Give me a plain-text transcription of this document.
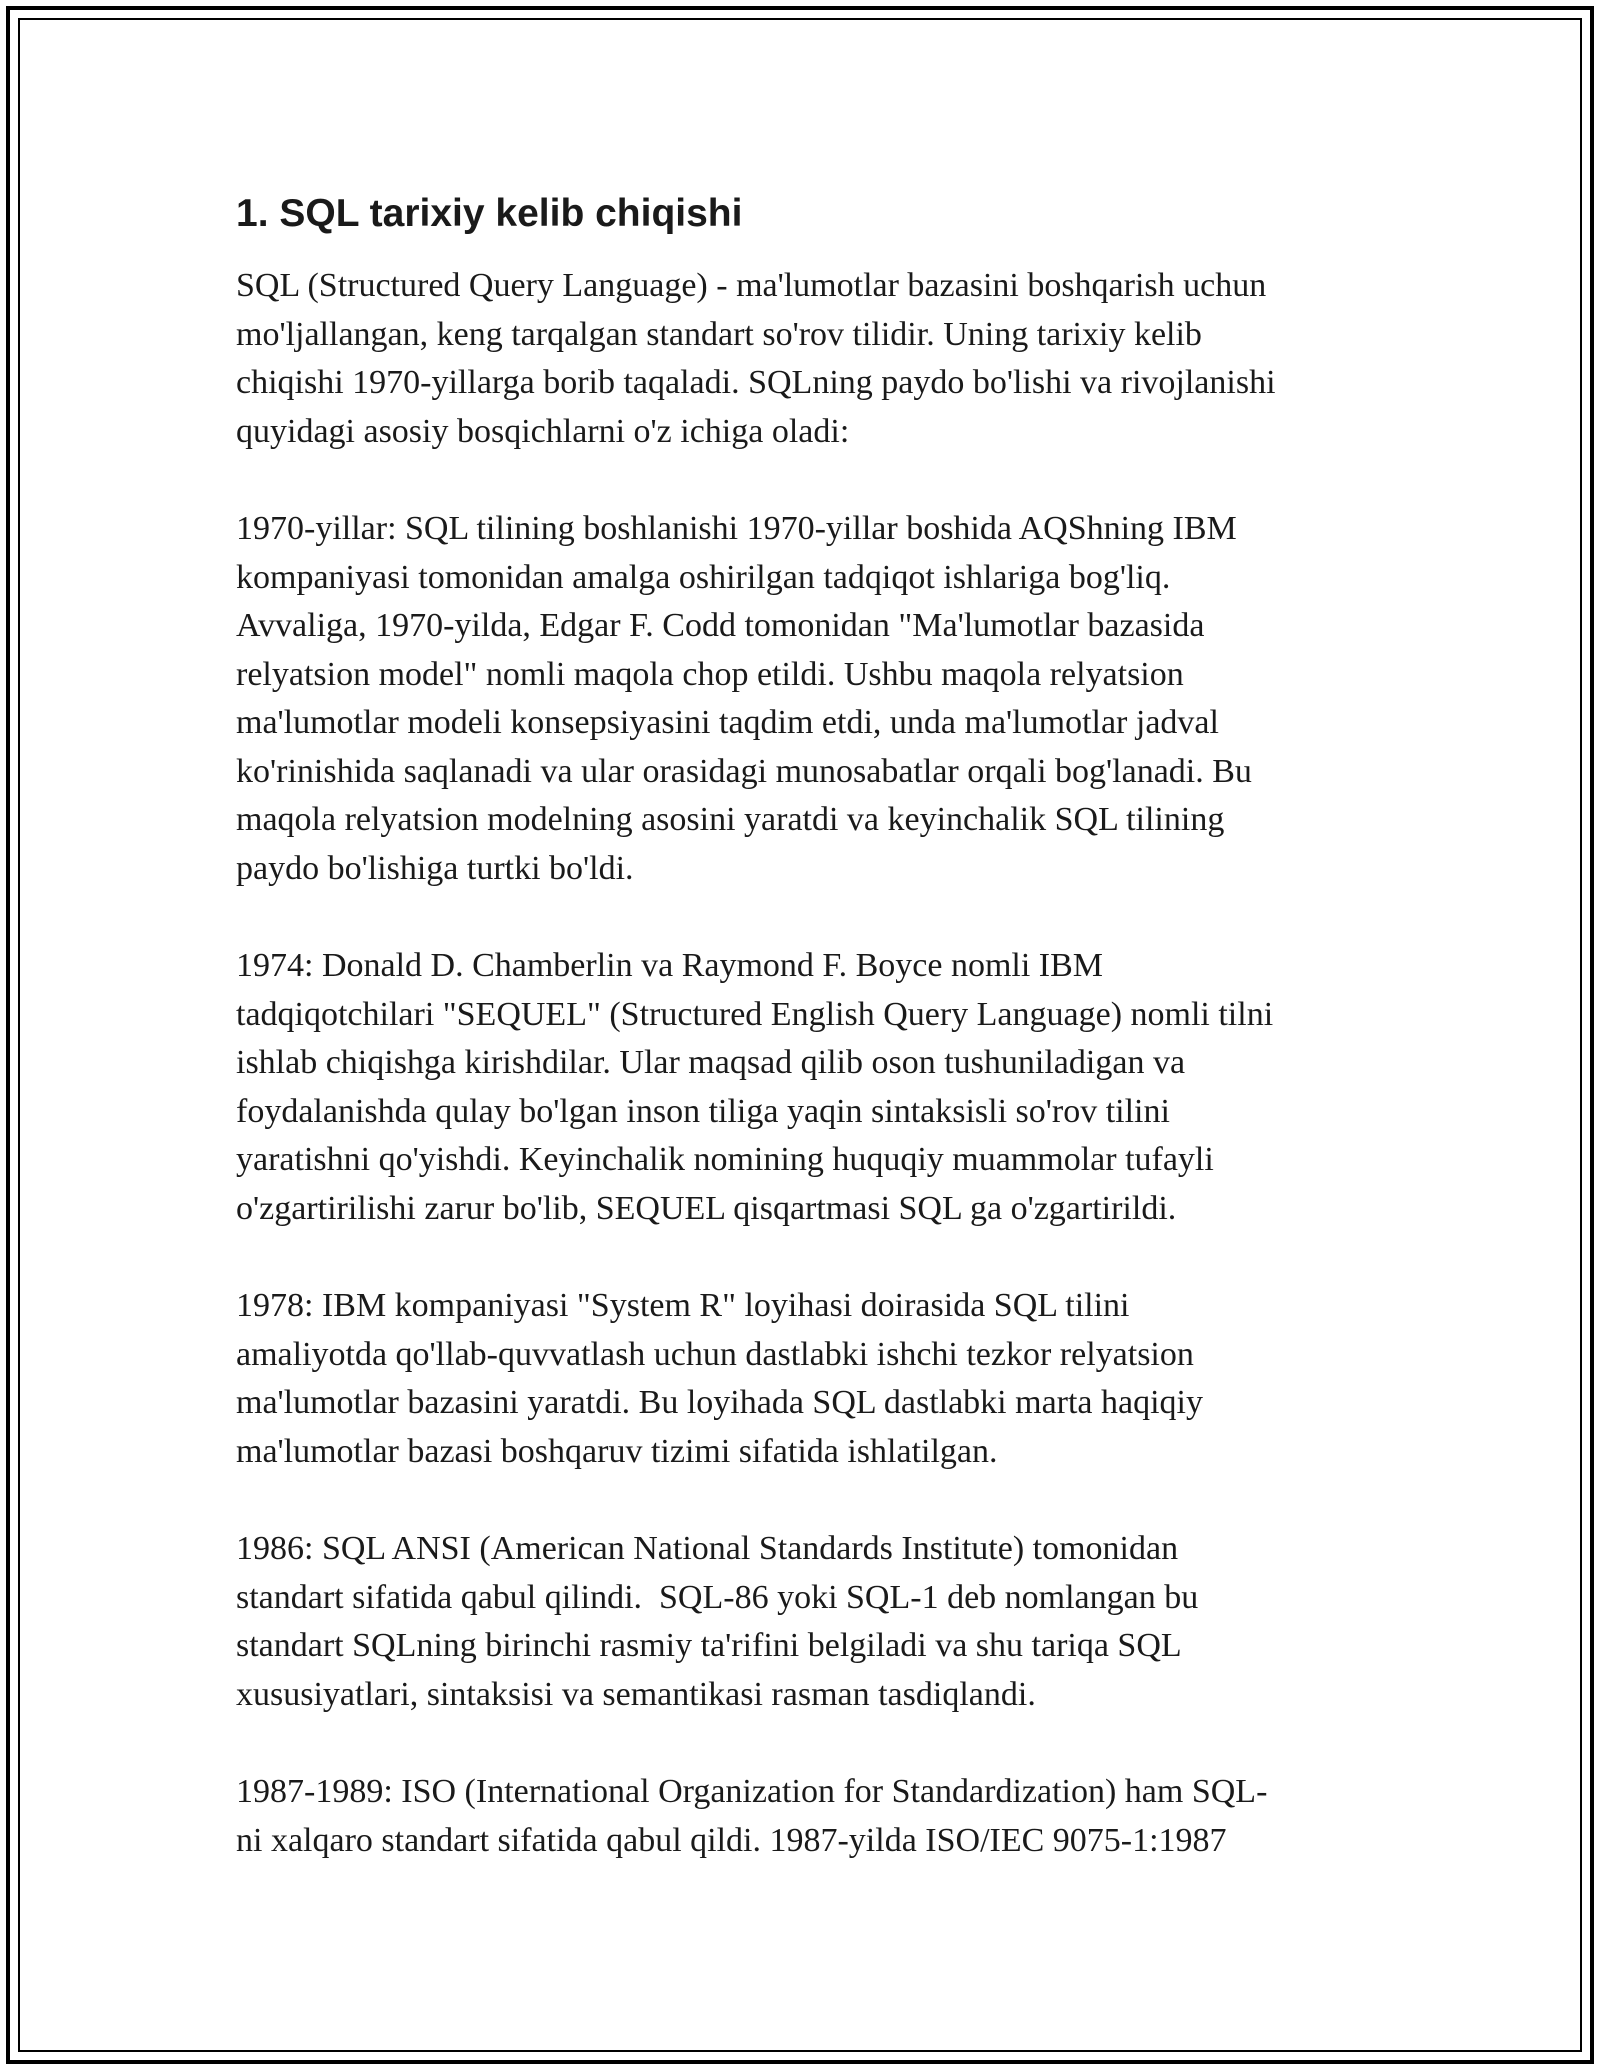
1. SQL tarixiy kelib chiqishi

SQL (Structured Query Language) - ma'lumotlar bazasini boshqarish uchun
mo'ljallangan, keng tarqalgan standart so'rov tilidir. Uning tarixiy kelib
chiqishi 1970-yillarga borib taqaladi. SQLning paydo bo'lishi va rivojlanishi
quyidagi asosiy bosqichlarni o'z ichiga oladi:

1970-yillar: SQL tilining boshlanishi 1970-yillar boshida AQShning IBM
kompaniyasi tomonidan amalga oshirilgan tadqiqot ishlariga bog'liq.
Avvaliga, 1970-yilda, Edgar F. Codd tomonidan "Ma'lumotlar bazasida
relyatsion model" nomli maqola chop etildi. Ushbu maqola relyatsion
ma'lumotlar modeli konsepsiyasini taqdim etdi, unda ma'lumotlar jadval
ko'rinishida saqlanadi va ular orasidagi munosabatlar orqali bog'lanadi. Bu
maqola relyatsion modelning asosini yaratdi va keyinchalik SQL tilining
paydo bo'lishiga turtki bo'ldi.

1974: Donald D. Chamberlin va Raymond F. Boyce nomli IBM
tadqiqotchilari "SEQUEL" (Structured English Query Language) nomli tilni
ishlab chiqishga kirishdilar. Ular maqsad qilib oson tushuniladigan va
foydalanishda qulay bo'lgan inson tiliga yaqin sintaksisli so'rov tilini
yaratishni qo'yishdi. Keyinchalik nomining huquqiy muammolar tufayli
o'zgartirilishi zarur bo'lib, SEQUEL qisqartmasi SQL ga o'zgartirildi.

1978: IBM kompaniyasi "System R" loyihasi doirasida SQL tilini
amaliyotda qo'llab-quvvatlash uchun dastlabki ishchi tezkor relyatsion
ma'lumotlar bazasini yaratdi. Bu loyihada SQL dastlabki marta haqiqiy
ma'lumotlar bazasi boshqaruv tizimi sifatida ishlatilgan.

1986: SQL ANSI (American National Standards Institute) tomonidan
standart sifatida qabul qilindi.  SQL-86 yoki SQL-1 deb nomlangan bu
standart SQLning birinchi rasmiy ta'rifini belgiladi va shu tariqa SQL
xususiyatlari, sintaksisi va semantikasi rasman tasdiqlandi.

1987-1989: ISO (International Organization for Standardization) ham SQL-
ni xalqaro standart sifatida qabul qildi. 1987-yilda ISO/IEC 9075-1:1987
